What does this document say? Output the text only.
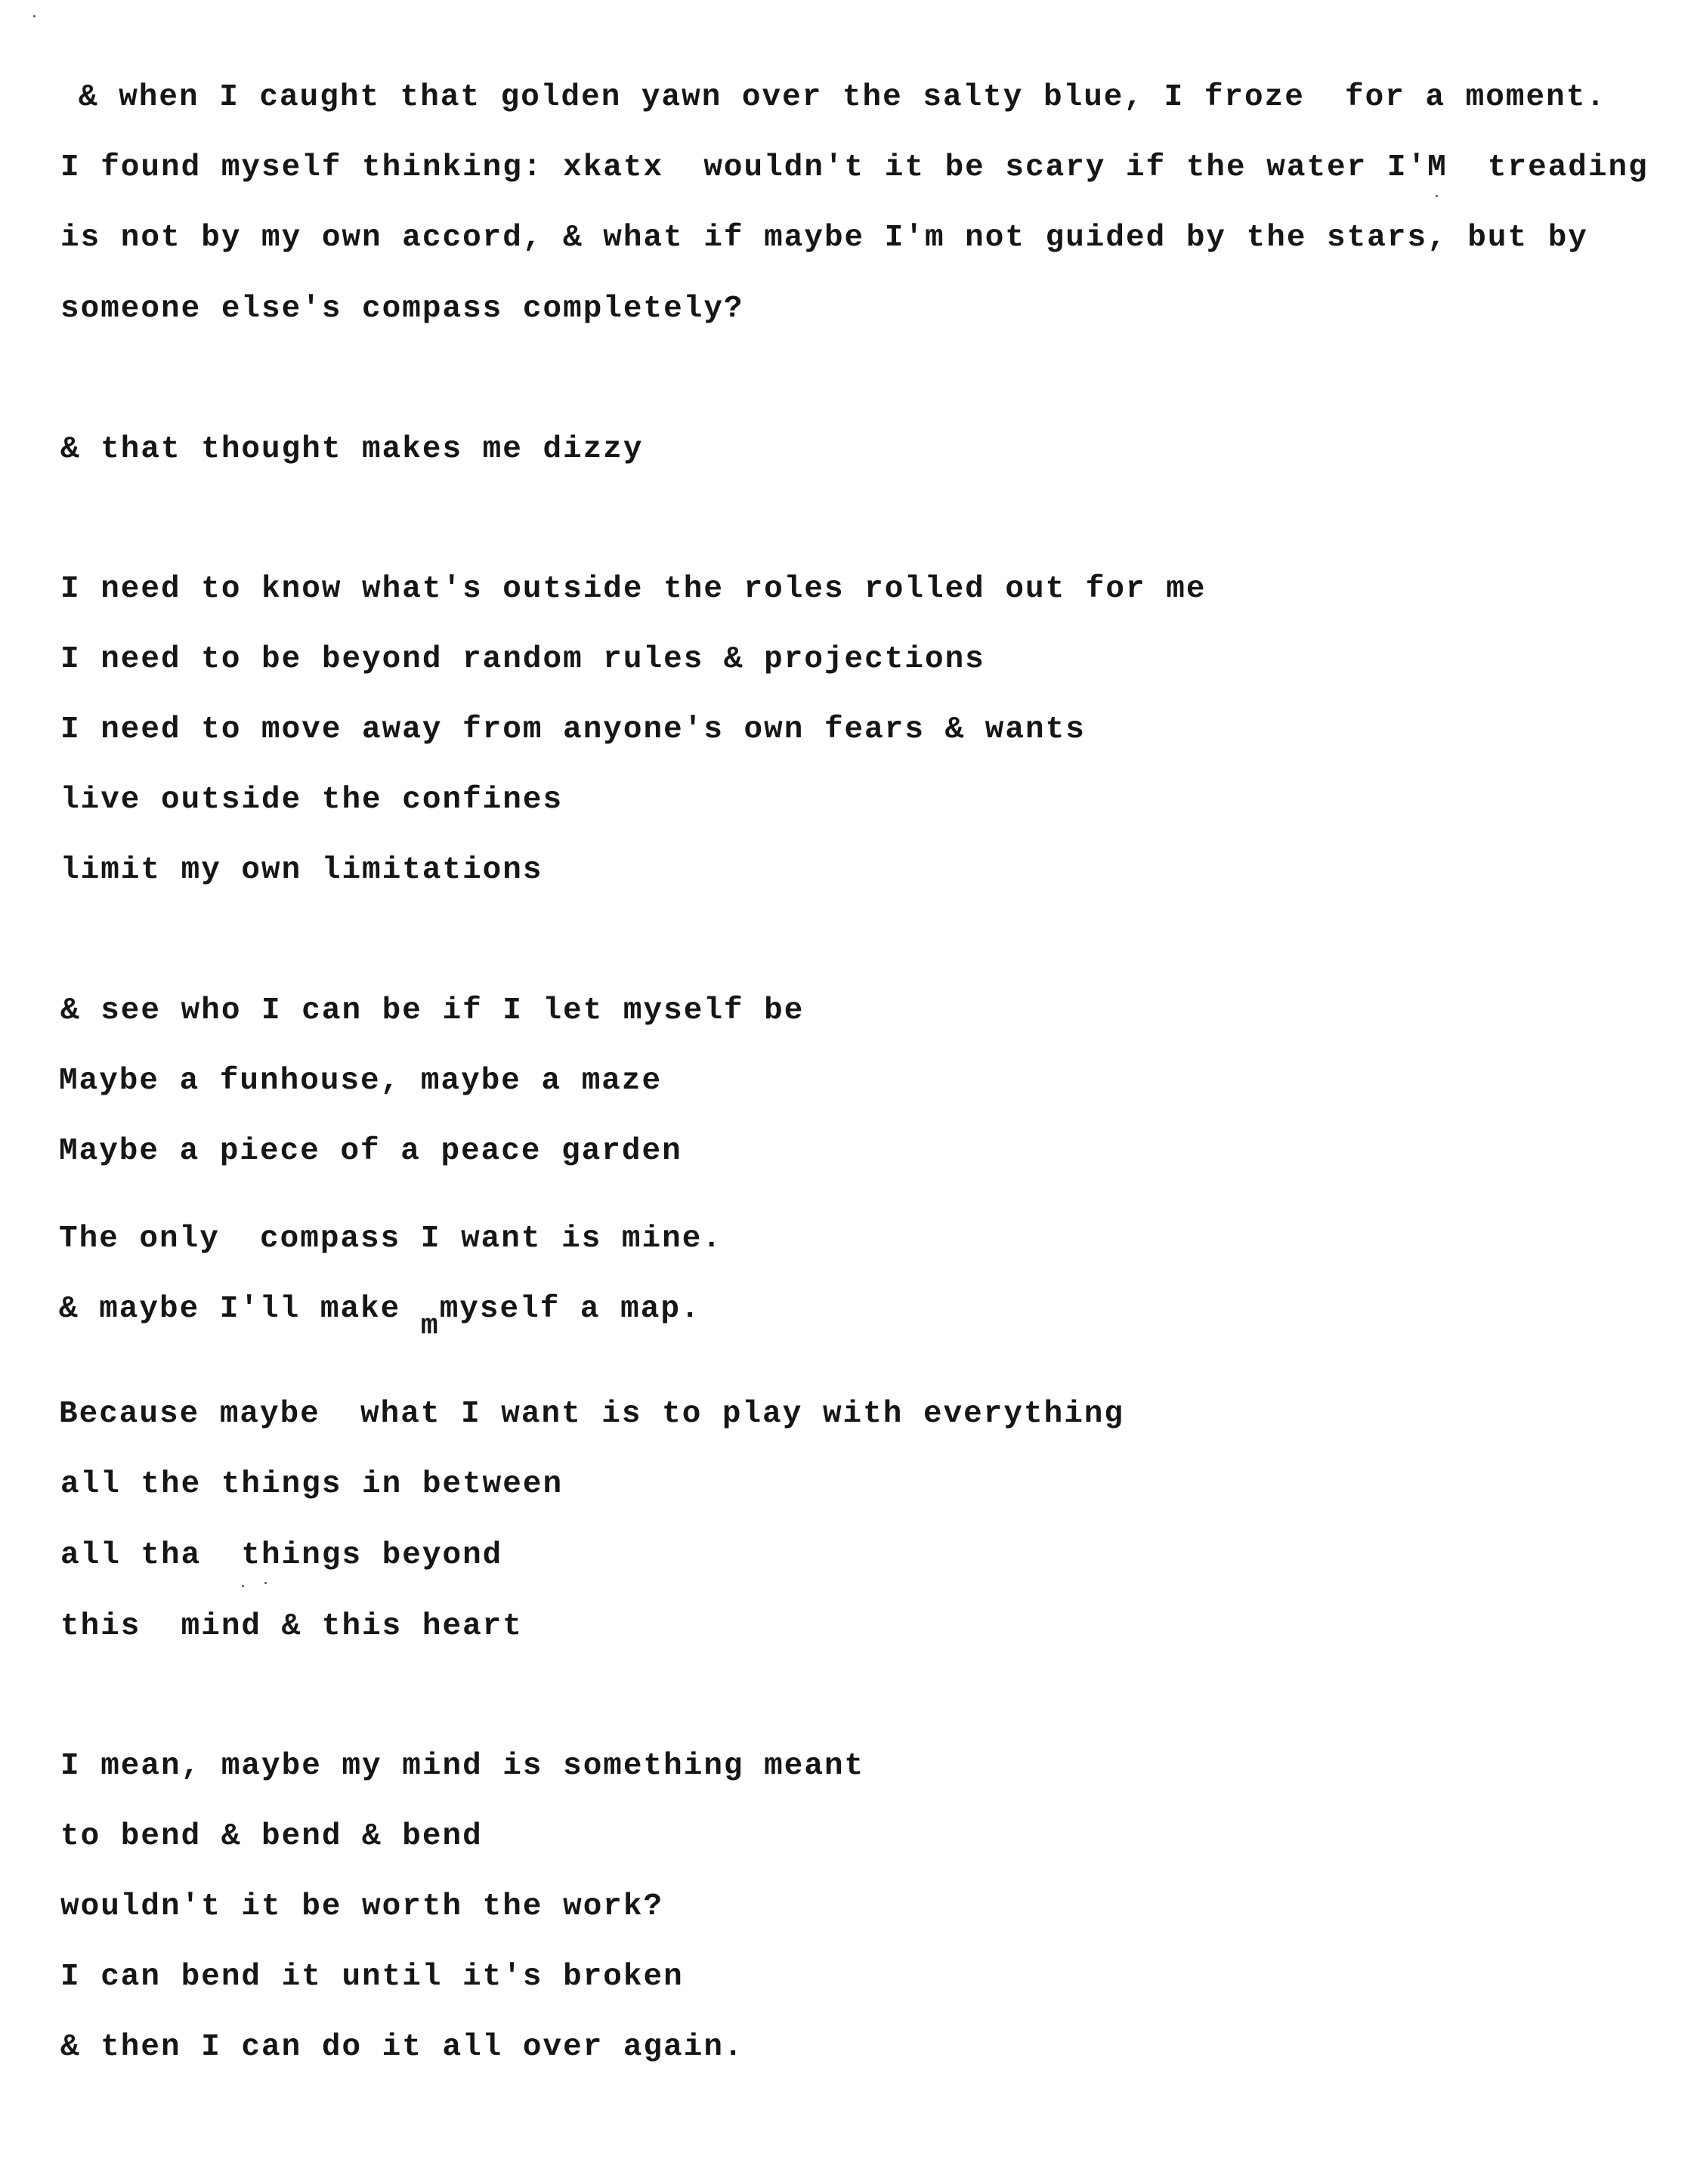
& when I caught that golden yawn over the salty blue, I froze  for a moment.
I found myself thinking: xkatx  wouldn't it be scary if the water I'M  treading
is not by my own accord, & what if maybe I'm not guided by the stars, but by
someone else's compass completely?
& that thought makes me dizzy
I need to know what's outside the roles rolled out for me
I need to be beyond random rules & projections
I need to move away from anyone's own fears & wants
live outside the confines
limit my own limitations
& see who I can be if I let myself be
Maybe a funhouse, maybe a maze
Maybe a piece of a peace garden
The only  compass I want is mine.
& maybe I'll make mmyself a map.
Because maybe  what I want is to play with everything
all the things in between
all tha  things beyond
this  mind & this heart
I mean, maybe my mind is something meant
to bend & bend & bend
wouldn't it be worth the work?
I can bend it until it's broken
& then I can do it all over again.
